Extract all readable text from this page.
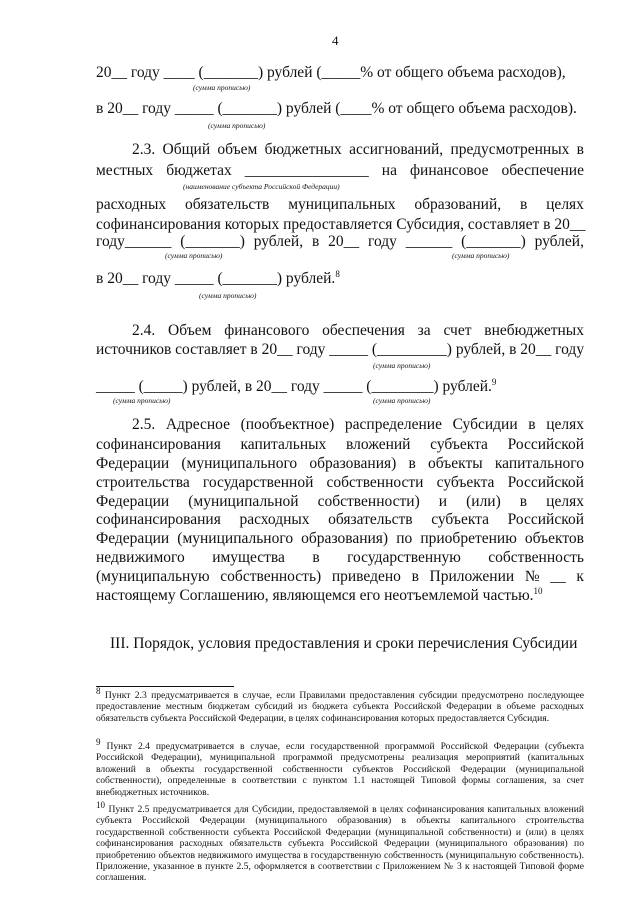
4
20__ году ____ (_______) рублей (_____% от общего объема расходов),
(сумма прописью)
в 20__ году _____ (_______) рублей (____% от общего объема расходов).
(сумма прописью)
2.3. Общий объем бюджетных ассигнований, предусмотренных в
местных бюджетах ________________ на финансовое обеспечение
(наименование субъекта Российской Федерации)
расходных обязательств муниципальных образований, в целях
софинансирования которых предоставляется Субсидия, составляет в 20__
году______ (_______) рублей, в 20__ году ______ (_______) рублей,
(сумма прописью)	(сумма прописью)
в 20__ году _____ (_______) рублей.$^8$
(сумма прописью)
2.4. Объем финансового обеспечения за счет внебюджетных
источников составляет в 20__ году _____ (_________) рублей, в 20__ году
(сумма прописью)
_____ (_____) рублей, в 20__ году _____ (________) рублей.$^9$
(сумма прописью)	(сумма прописью)
2.5. Адресное (пообъектное) распределение Субсидии в целях
софинансирования капитальных вложений субъекта Российской
Федерации (муниципального образования) в объекты капитального
строительства государственной собственности субъекта Российской
Федерации (муниципальной собственности) и (или) в целях
софинансирования расходных обязательств субъекта Российской
Федерации (муниципального образования) по приобретению объектов
недвижимого имущества в государственную собственность
(муниципальную собственность) приведено в Приложении № __ к
настоящему Соглашению, являющемся его неотъемлемой частью.$^{10}$
III. Порядок, условия предоставления и сроки перечисления Субсидии
$^8$ Пункт 2.3 предусматривается в случае, если Правилами предоставления субсидии предусмотрено последующее предоставление местным бюджетам субсидий из бюджета субъекта Российской Федерации в объеме расходных обязательств субъекта Российской Федерации, в целях софинансирования которых предоставляется Субсидия.
$^9$ Пункт 2.4 предусматривается в случае, если государственной программой Российской Федерации (субъекта Российской Федерации), муниципальной программой предусмотрены реализация мероприятий (капитальных вложений в объекты государственной собственности субъектов Российской Федерации (муниципальной собственности), определенные в соответствии с пунктом 1.1 настоящей Типовой формы соглашения, за счет внебюджетных источников.
$^{10}$ Пункт 2.5 предусматривается для Субсидии, предоставляемой в целях софинансирования капитальных вложений субъекта Российской Федерации (муниципального образования) в объекты капитального строительства государственной собственности субъекта Российской Федерации (муниципальной собственности) и (или) в целях софинансирования расходных обязательств субъекта Российской Федерации (муниципального образования) по приобретению объектов недвижимого имущества в государственную собственность (муниципальную собственность). Приложение, указанное в пункте 2.5, оформляется в соответствии с Приложением № 3 к настоящей Типовой форме соглашения.
